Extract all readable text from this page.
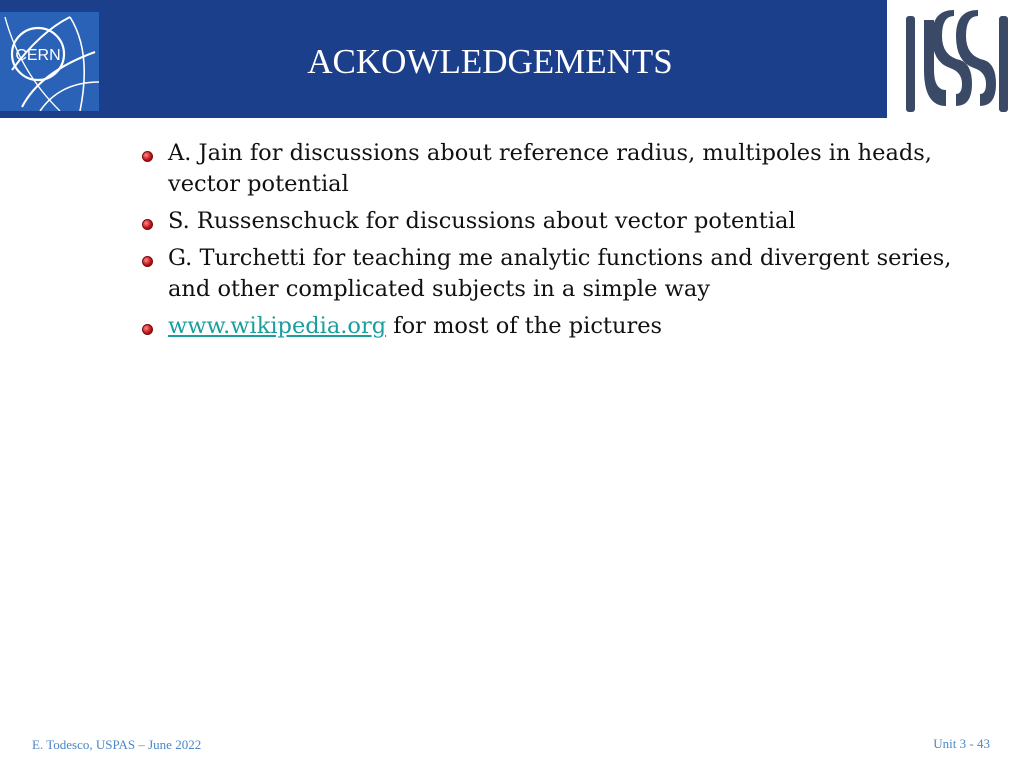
CERN	ACKOWLEDGEMENTS
USPAS
A. Jain for discussions about reference radius, multipoles in heads, vector potential
S. Russenschuck for discussions about vector potential
G. Turchetti for teaching me analytic functions and divergent series, and other complicated subjects in a simple way
www.wikipedia.org for most of the pictures
E. Todesco, USPAS – June 2022	Unit 3 - 43
